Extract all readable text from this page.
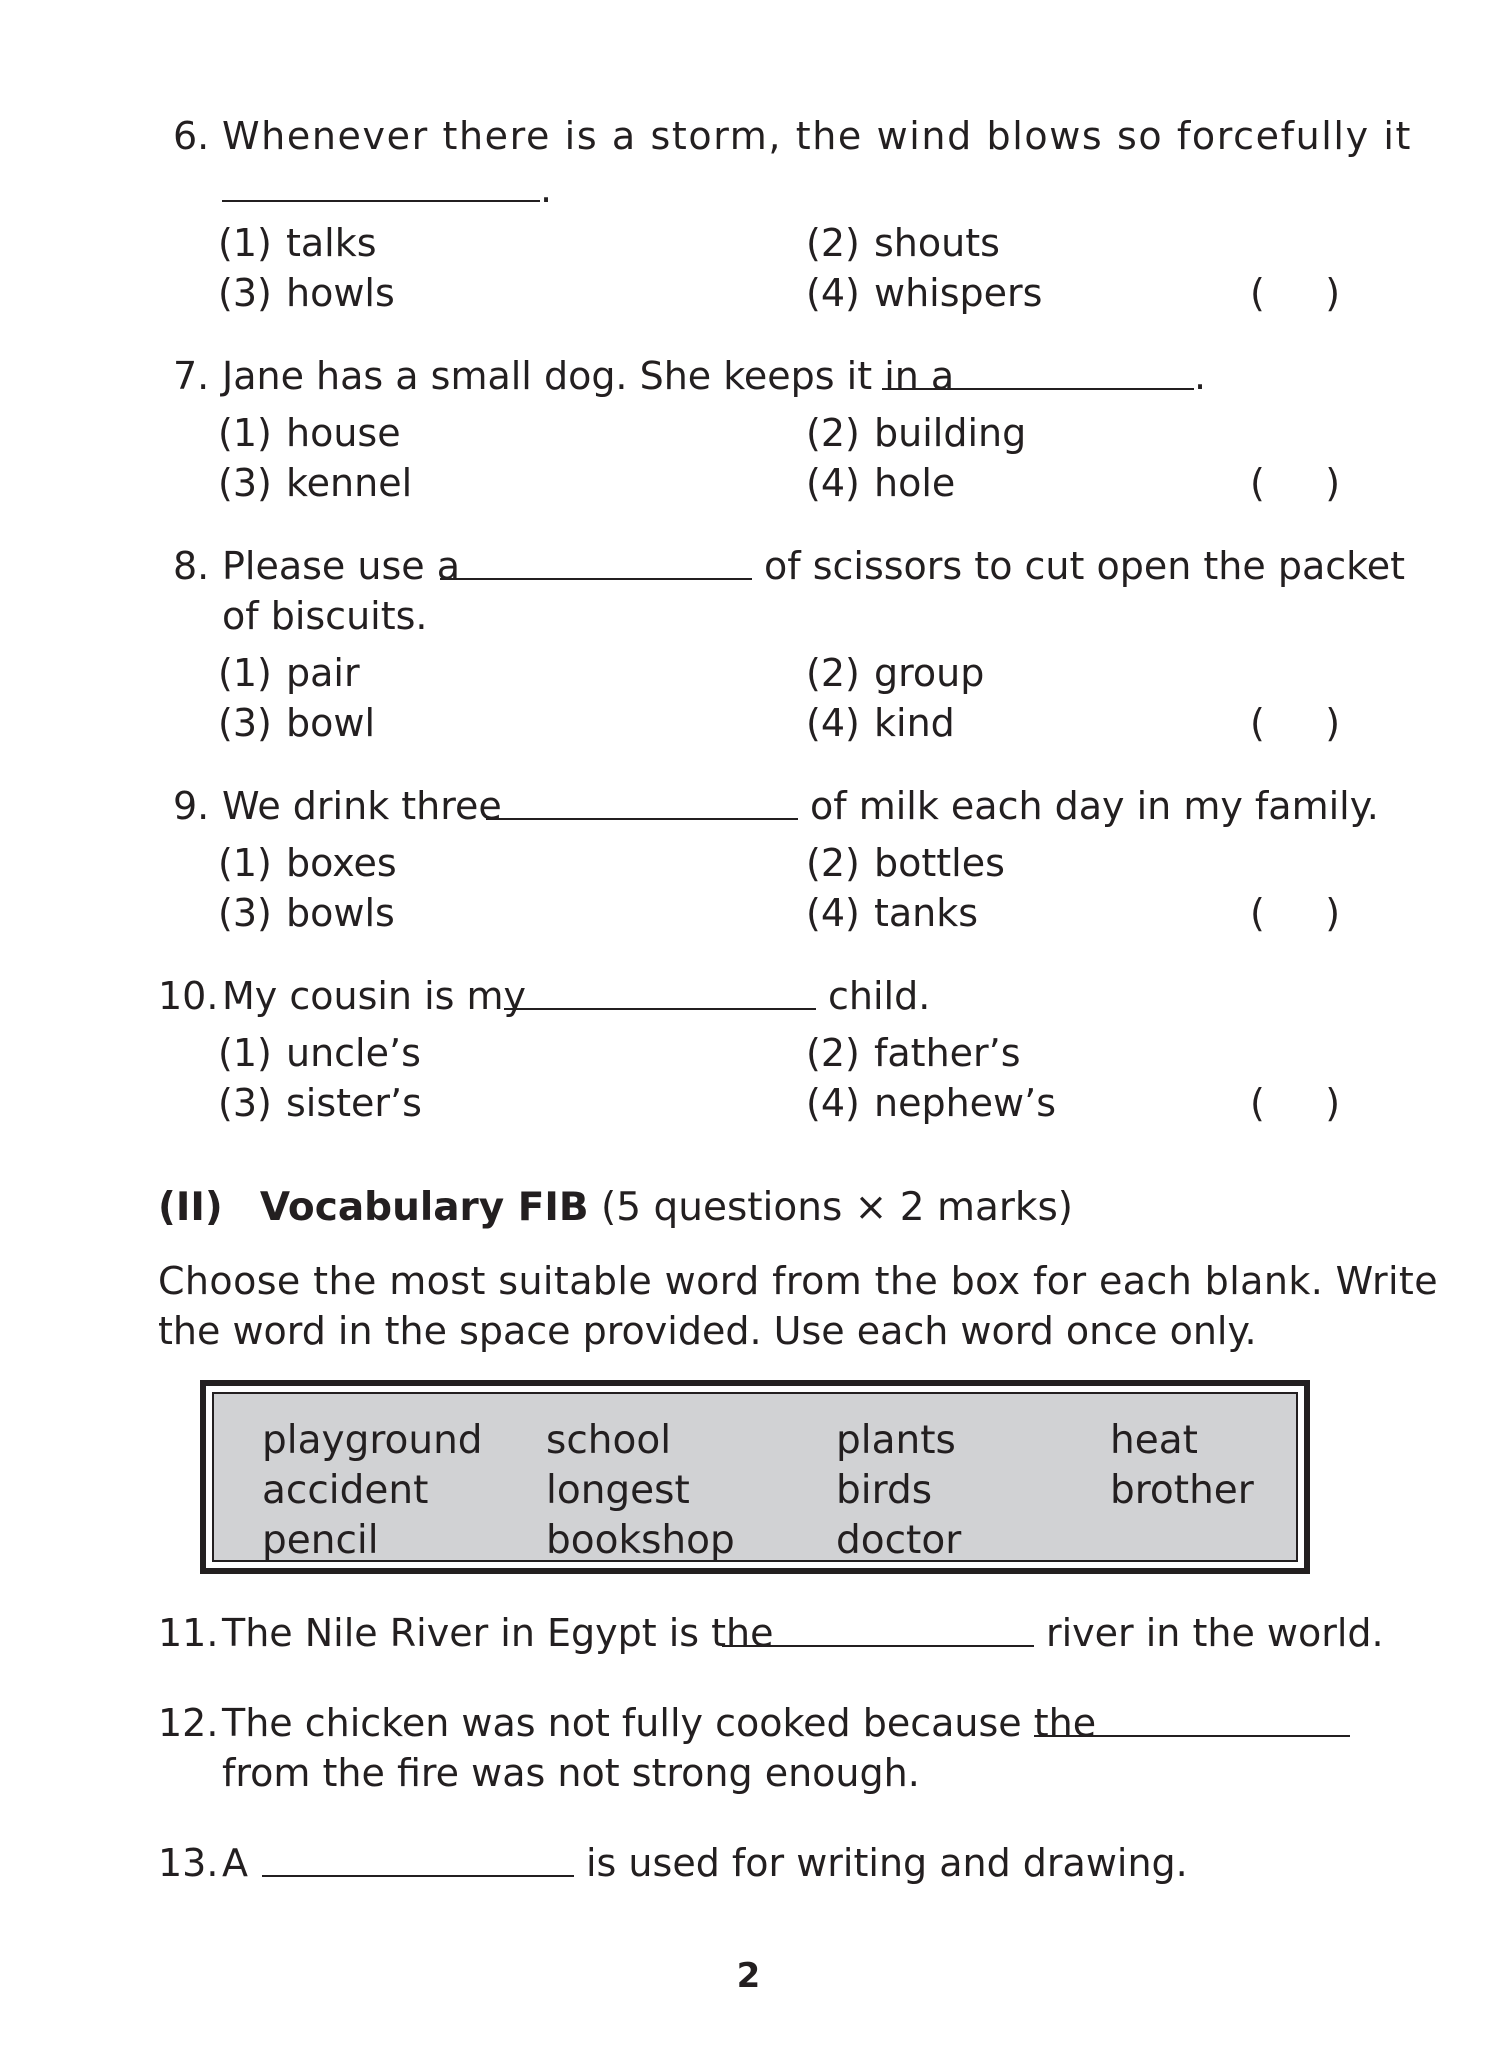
6. Whenever there is a storm, the wind blows so forcefully it
.
(1) talks	(2) shouts
(3) howls	(4) whispers	(     )
7. Jane has a small dog. She keeps it in a	.
(1) house	(2) building
(3) kennel	(4) hole	(     )
8. Please use a	of scissors to cut open the packet
of biscuits.
(1) pair	(2) group
(3) bowl	(4) kind	(     )
9. We drink three	of milk each day in my family.
(1) boxes	(2) bottles
(3) bowls	(4) tanks	(     )
10. My cousin is my	child.
(1) uncle’s	(2) father’s
(3) sister’s	(4) nephew’s	(     )
(II) Vocabulary FIB (5 questions × 2 marks)
Choose the most suitable word from the box for each blank. Write
the word in the space provided. Use each word once only.
playground school	plants	heat
accident	longest	birds	brother
pencil	bookshop	doctor
11. The Nile River in Egypt is the	river in the world.
12. The chicken was not fully cooked because the
from the fire was not strong enough.
13. A	is used for writing and drawing.
2
